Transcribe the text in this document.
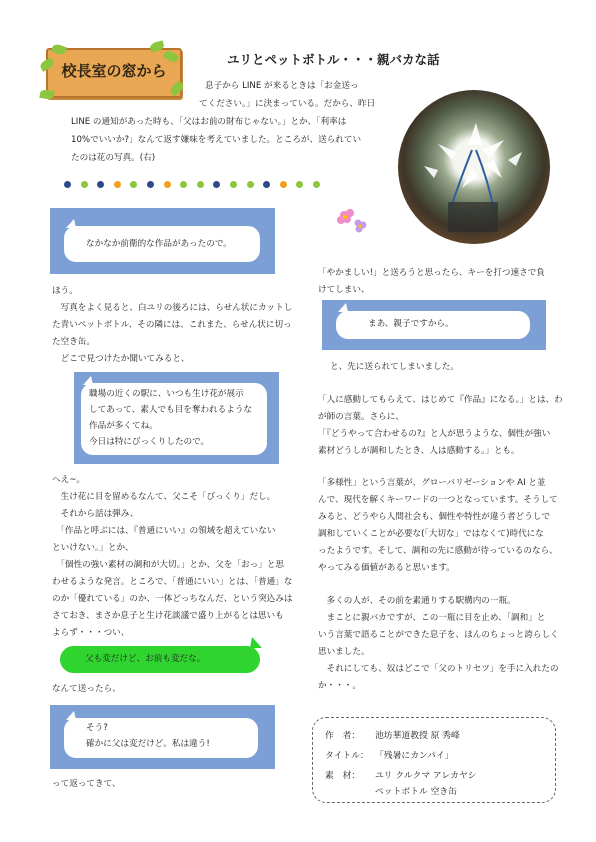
校長室の窓から
ユリとペットボトル・・・親バカな話
息子から LINE が来るときは「お金送っ
てください。」に決まっている。だから、昨日
LINE の通知があった時も、「父はお前の財布じゃない。」とか、「利率は
10%でいいか?」なんて返す嫌味を考えていました。ところが、送られてい
たのは花の写真。(右)
なかなか前衛的な作品があったので。
ほう。
　写真をよく見ると、白ユリの後ろには、らせん状にカットし
た青いペットボトル、その隣には、これまた、らせん状に切っ
た空き缶。
　どこで見つけたか聞いてみると、
職場の近くの駅に、いつも生け花が展示
してあって、素人でも目を奪われるような
作品が多くてね。
今日は特にびっくりしたので。
へえ~。
　生け花に目を留めるなんて、父こそ「びっくり」だし。
　それから話は弾み、
　「作品と呼ぶには、『普通にいい』の領域を超えていない
といけない。」とか、
　「個性の強い素材の調和が大切。」とか、父を「おっ」と思
わせるような発言。ところで、「普通にいい」とは、「普通」な
のか「優れている」のか、一体どっちなんだ、という突込みは
さておき、まさか息子と生け花談議で盛り上がるとは思いも
よらず・・・つい、
父も変だけど、お前も変だな。
なんて送ったら、
そう?
確かに父は変だけど。私は違う!
って返ってきて、
「やかましい!」と送ろうと思ったら、キーを打つ速さで負
けてしまい、
まあ、親子ですから。
と、先に送られてしまいました。
「人に感動してもらえて、はじめて『作品』になる。」とは、わ
が師の言葉。さらに、
「『どうやって合わせるの?』と人が思うような、個性が強い
素材どうしが調和したとき、人は感動する。」とも。
「多様性」という言葉が、グローバリゼーションや AI と並
んで、現代を解くキーワードの一つとなっています。そうして
みると、どうやら人間社会も、個性や特性が違う者どうしで
調和していくことが必要な(「大切な」ではなくて)時代にな
ったようです。そして、調和の先に感動が待っているのなら、
やってみる価値があると思います。
　多くの人が、その前を素通りする駅構内の一瓶。
　まことに親バカですが、この一瓶に目を止め、「調和」と
いう言葉で語ることができた息子を、ほんのちょっと誇らしく
思いました。
　それにしても、奴はどこで「父のトリセツ」を手に入れたの
か・・・。
作　者： 池坊華道教授 原 秀峰
タイトル： 「残暑にカンパイ」
素　材： ユリ クルクマ アレカヤシ
ペットボトル 空き缶
